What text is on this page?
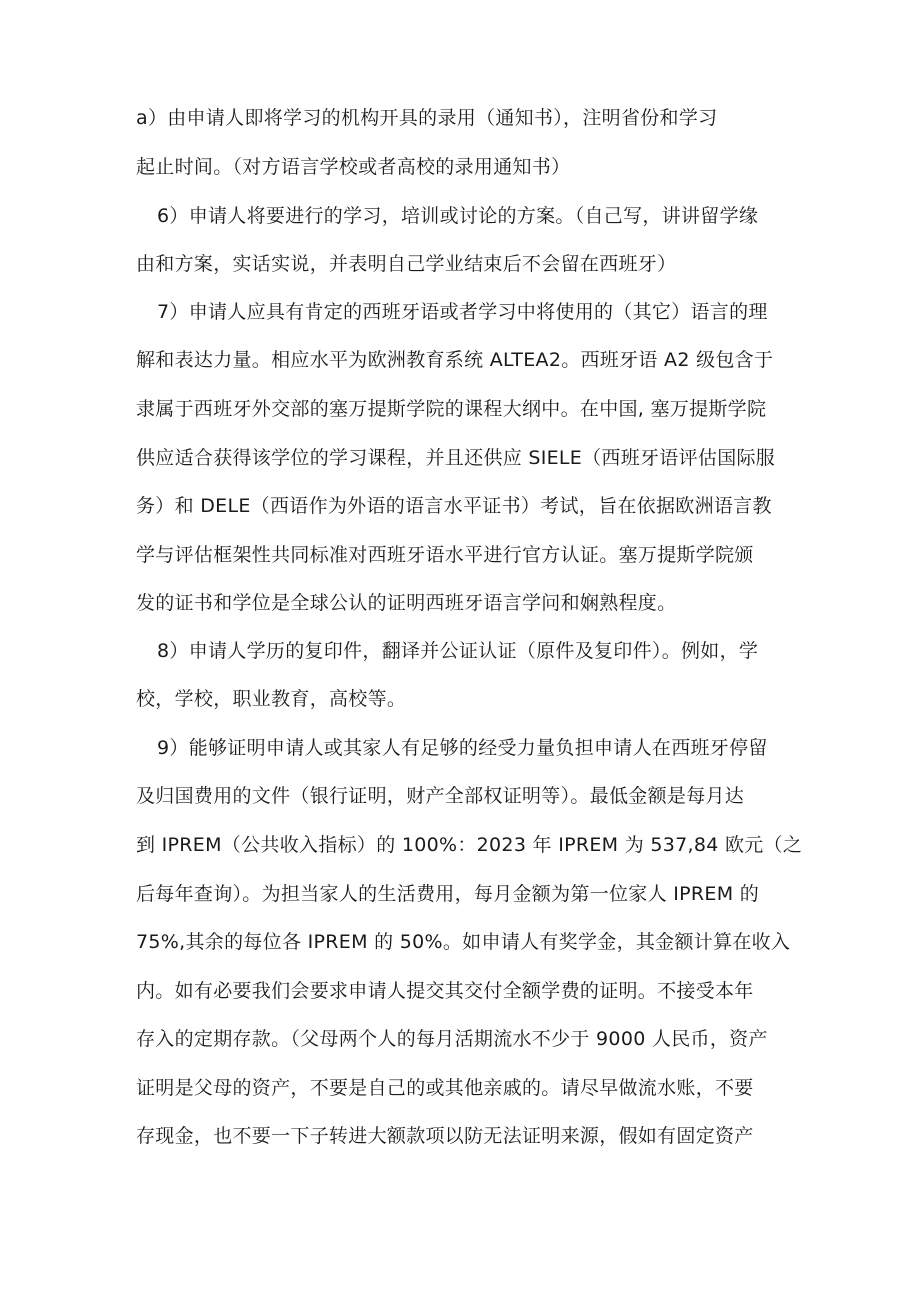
a）由申请人即将学习的机构开具的录用（通知书），注明省份和学习
起止时间。（对方语言学校或者高校的录用通知书）
6）申请人将要进行的学习，培训或讨论的方案。（自己写，讲讲留学缘
由和方案，实话实说，并表明自己学业结束后不会留在西班牙）
7）申请人应具有肯定的西班牙语或者学习中将使用的（其它）语言的理
解和表达力量。相应水平为欧洲教育系统 ALTEA2。西班牙语 A2 级包含于
隶属于西班牙外交部的塞万提斯学院的课程大纲中。在中国, 塞万提斯学院
供应适合获得该学位的学习课程，并且还供应 SIELE（西班牙语评估国际服
务）和 DELE（西语作为外语的语言水平证书）考试，旨在依据欧洲语言教
学与评估框架性共同标准对西班牙语水平进行官方认证。塞万提斯学院颁
发的证书和学位是全球公认的证明西班牙语言学问和娴熟程度。
8）申请人学历的复印件，翻译并公证认证（原件及复印件）。例如，学
校，学校，职业教育，高校等。
9）能够证明申请人或其家人有足够的经受力量负担申请人在西班牙停留
及归国费用的文件（银行证明，财产全部权证明等）。最低金额是每月达
到 IPREM（公共收入指标）的 100%：2023 年 IPREM 为 537,84 欧元（之
后每年查询）。为担当家人的生活费用，每月金额为第一位家人 IPREM 的
75%,其余的每位各 IPREM 的 50%。如申请人有奖学金，其金额计算在收入
内。如有必要我们会要求申请人提交其交付全额学费的证明。不接受本年
存入的定期存款。（父母两个人的每月活期流水不少于 9000 人民币，资产
证明是父母的资产，不要是自己的或其他亲戚的。请尽早做流水账，不要
存现金，也不要一下子转进大额款项以防无法证明来源，假如有固定资产
